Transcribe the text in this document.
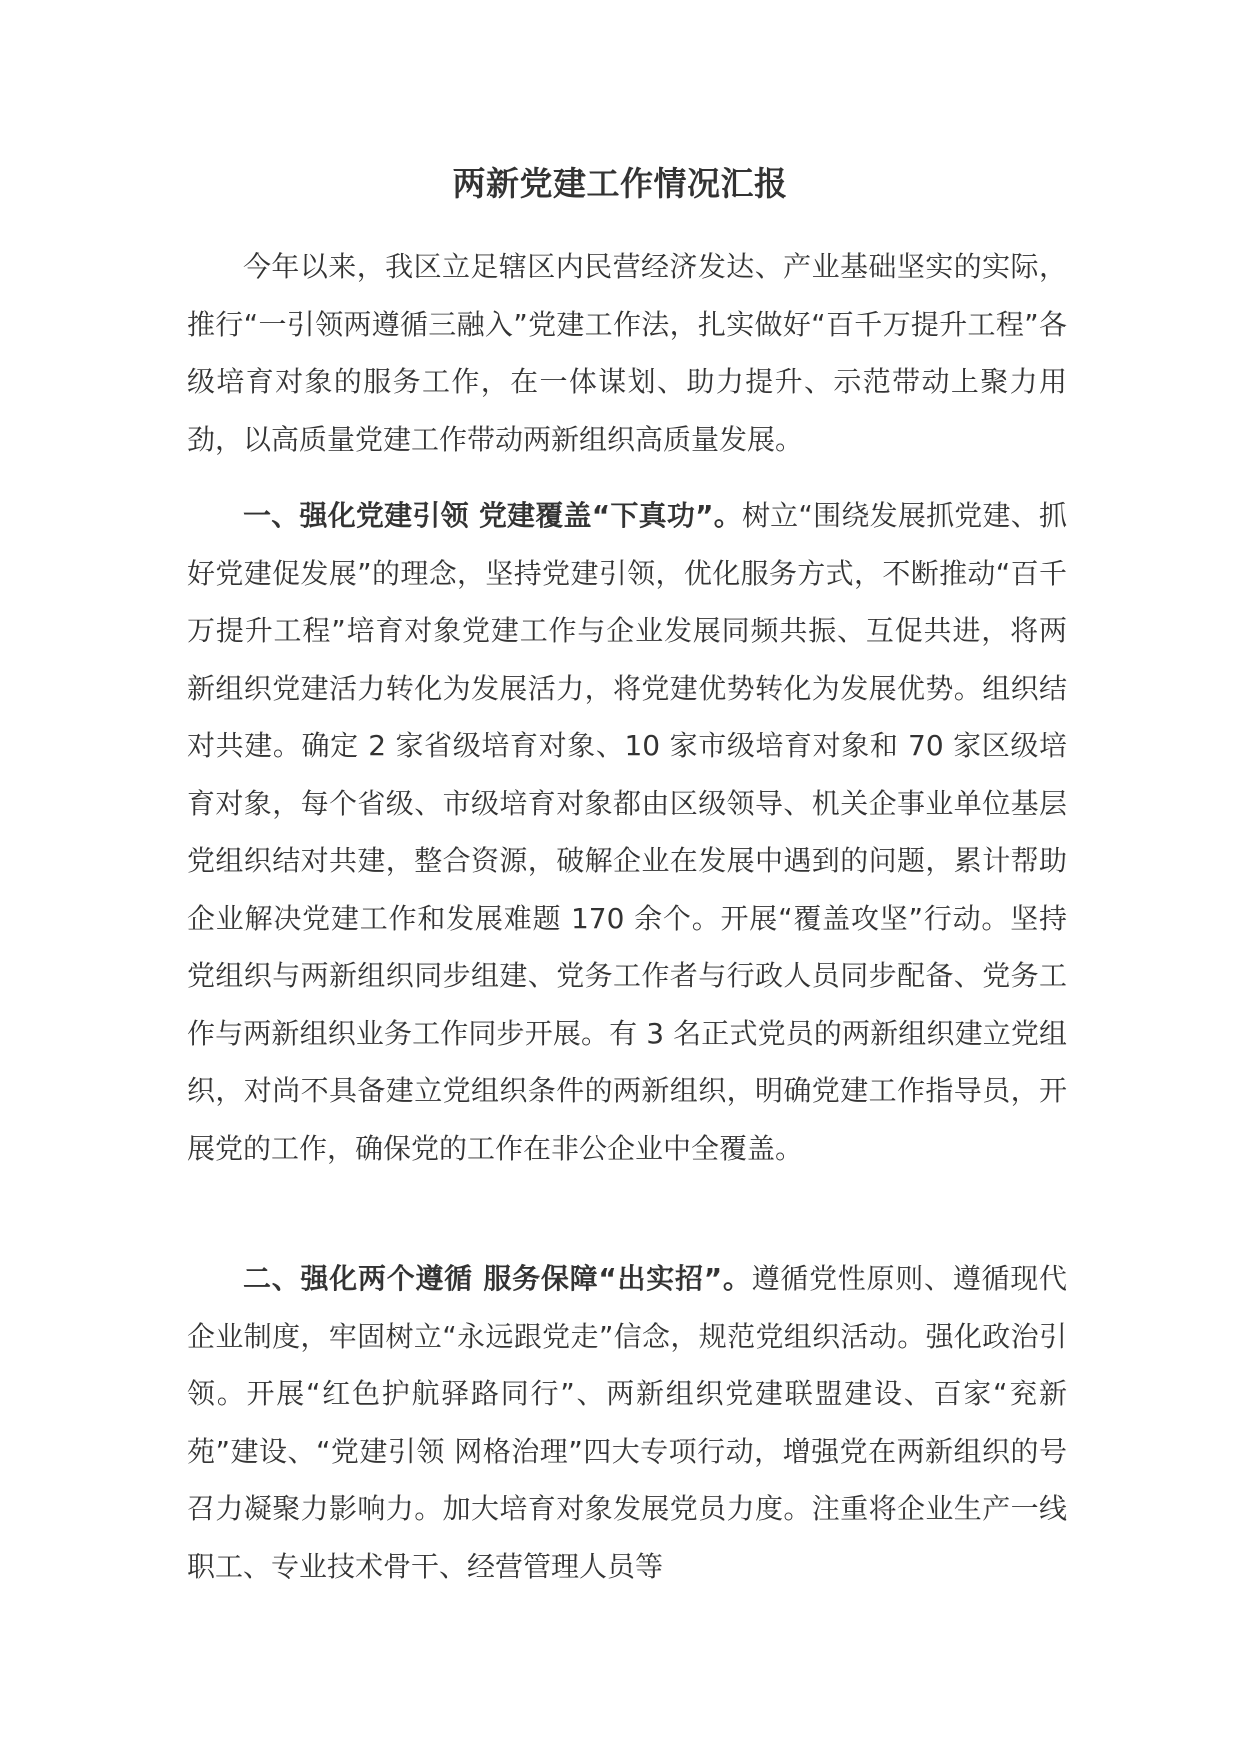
两新党建工作情况汇报

今年以来，我区立足辖区内民营经济发达、产业基础坚实的实际，推行“一引领两遵循三融入”党建工作法，扎实做好“百千万提升工程”各级培育对象的服务工作，在一体谋划、助力提升、示范带动上聚力用劲，以高质量党建工作带动两新组织高质量发展。

一、强化党建引领 党建覆盖“下真功”。树立“围绕发展抓党建、抓好党建促发展”的理念，坚持党建引领，优化服务方式，不断推动“百千万提升工程”培育对象党建工作与企业发展同频共振、互促共进，将两新组织党建活力转化为发展活力，将党建优势转化为发展优势。组织结对共建。确定 2 家省级培育对象、10 家市级培育对象和 70 家区级培育对象，每个省级、市级培育对象都由区级领导、机关企事业单位基层党组织结对共建，整合资源，破解企业在发展中遇到的问题，累计帮助企业解决党建工作和发展难题 170 余个。开展“覆盖攻坚”行动。坚持党组织与两新组织同步组建、党务工作者与行政人员同步配备、党务工作与两新组织业务工作同步开展。有 3 名正式党员的两新组织建立党组织，对尚不具备建立党组织条件的两新组织，明确党建工作指导员，开展党的工作，确保党的工作在非公企业中全覆盖。

二、强化两个遵循 服务保障“出实招”。遵循党性原则、遵循现代企业制度，牢固树立“永远跟党走”信念，规范党组织活动。强化政治引领。开展“红色护航驿路同行”、两新组织党建联盟建设、百家“兖新苑”建设、“党建引领 网格治理”四大专项行动，增强党在两新组织的号召力凝聚力影响力。加大培育对象发展党员力度。注重将企业生产一线职工、专业技术骨干、经营管理人员等
